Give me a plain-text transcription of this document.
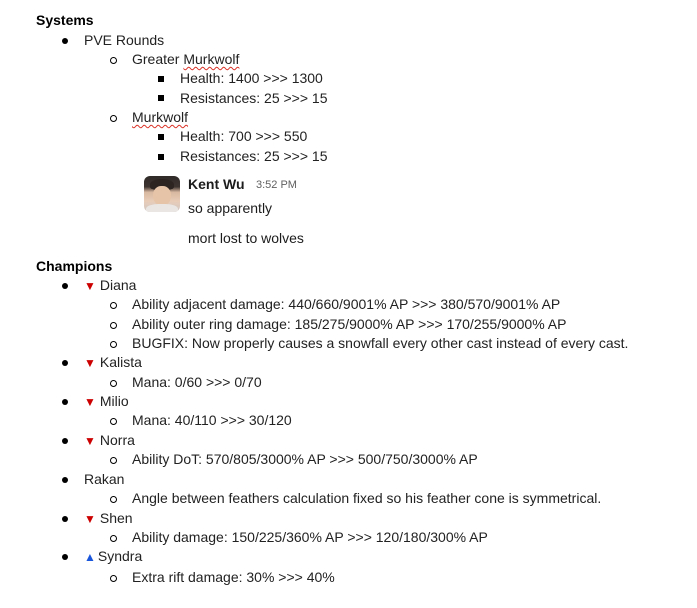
Systems
PVE Rounds
Greater Murkwolf
Health: 1400 >>> 1300
Resistances: 25 >>> 15
Murkwolf
Health: 700 >>> 550
Resistances: 25 >>> 15
Kent Wu 3:52 PM
so apparently
mort lost to wolves
Champions
▼ Diana
Ability adjacent damage: 440/660/9001% AP >>> 380/570/9001% AP
Ability outer ring damage: 185/275/9000% AP >>> 170/255/9000% AP
BUGFIX: Now properly causes a snowfall every other cast instead of every cast.
▼ Kalista
Mana: 0/60 >>> 0/70
▼ Milio
Mana: 40/110 >>> 30/120
▼ Norra
Ability DoT: 570/805/3000% AP >>> 500/750/3000% AP
Rakan
Angle between feathers calculation fixed so his feather cone is symmetrical.
▼ Shen
Ability damage: 150/225/360% AP >>> 120/180/300% AP
▲ Syndra
Extra rift damage: 30% >>> 40%
